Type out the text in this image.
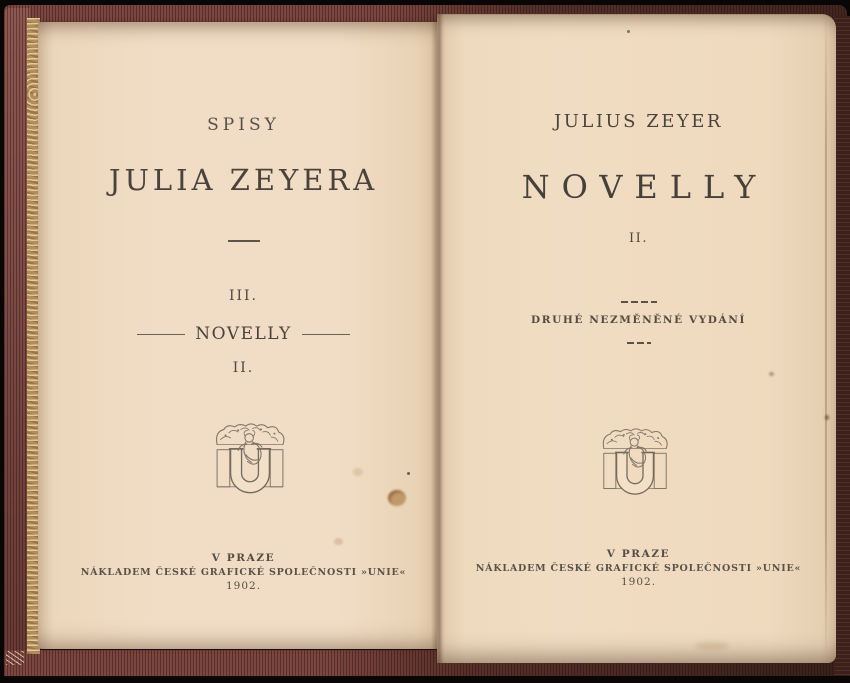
SPISY
JULIA ZEYERA
III.
NOVELLY
II.
V PRAZE
NÁKLADEM ČESKÉ GRAFICKÉ SPOLEČNOSTI »UNIE«
1902.
JULIUS ZEYER
NOVELLY
II.
DRUHÉ NEZMĚNĚNÉ VYDÁNÍ
V PRAZE
NÁKLADEM ČESKÉ GRAFICKÉ SPOLEČNOSTI »UNIE«
1902.
